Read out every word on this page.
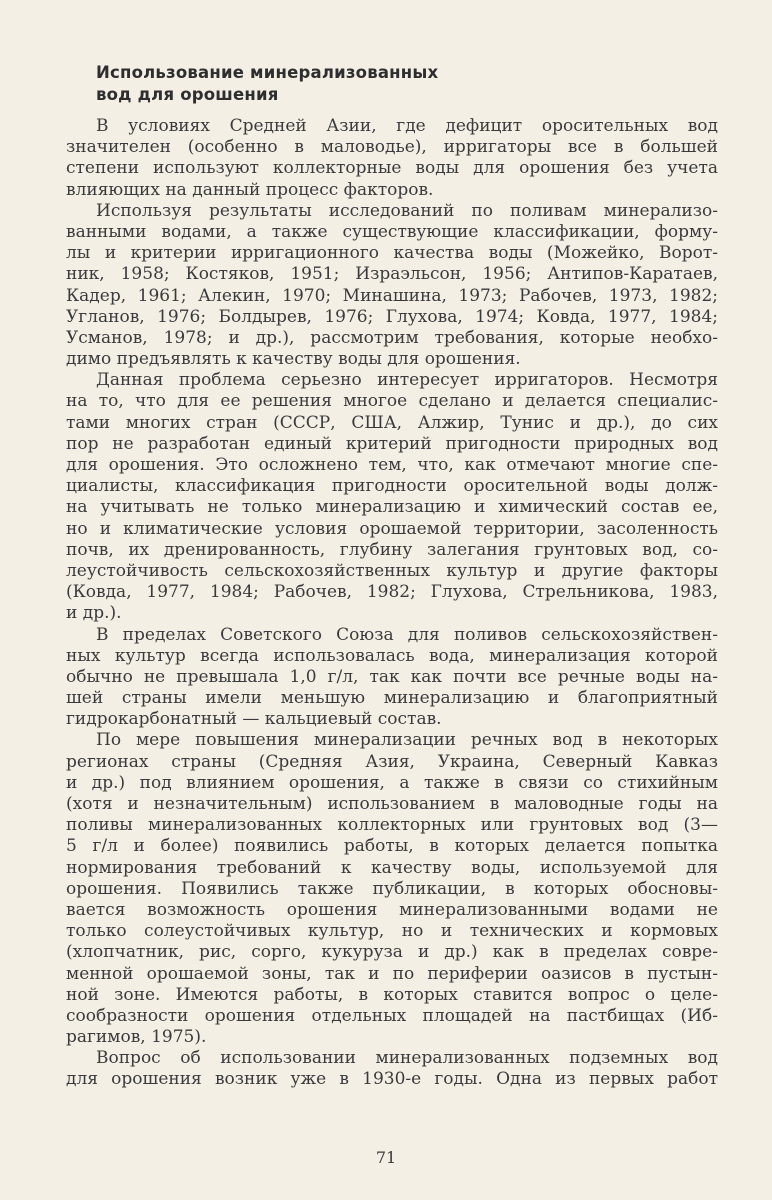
Использование минерализованных
вод для орошения
В условиях Средней Азии, где дефицит оросительных вод
значителен (особенно в маловодье), ирригаторы все в большей
степени используют коллекторные воды для орошения без учета
влияющих на данный процесс факторов.
Используя результаты исследований по поливам минерализо-
ванными водами, а также существующие классификации, форму-
лы и критерии ирригационного качества воды (Можейко, Ворот-
ник, 1958; Костяков, 1951; Израэльсон, 1956; Антипов-Каратаев,
Кадер, 1961; Алекин, 1970; Минашина, 1973; Рабочев, 1973, 1982;
Угланов, 1976; Болдырев, 1976; Глухова, 1974; Ковда, 1977, 1984;
Усманов, 1978; и др.), рассмотрим требования, которые необхо-
димо предъявлять к качеству воды для орошения.
Данная проблема серьезно интересует ирригаторов. Несмотря
на то, что для ее решения многое сделано и делается специалис-
тами многих стран (СССР, США, Алжир, Тунис и др.), до сих
пор не разработан единый критерий пригодности природных вод
для орошения. Это осложнено тем, что, как отмечают многие спе-
циалисты, классификация пригодности оросительной воды долж-
на учитывать не только минерализацию и химический состав ее,
но и климатические условия орошаемой территории, засоленность
почв, их дренированность, глубину залегания грунтовых вод, со-
леустойчивость сельскохозяйственных культур и другие факторы
(Ковда, 1977, 1984; Рабочев, 1982; Глухова, Стрельникова, 1983,
и др.).
В пределах Советского Союза для поливов сельскохозяйствен-
ных культур всегда использовалась вода, минерализация которой
обычно не превышала 1,0 г/л, так как почти все речные воды на-
шей страны имели меньшую минерализацию и благоприятный
гидрокарбонатный — кальциевый состав.
По мере повышения минерализации речных вод в некоторых
регионах страны (Средняя Азия, Украина, Северный Кавказ
и др.) под влиянием орошения, а также в связи со стихийным
(хотя и незначительным) использованием в маловодные годы на
поливы минерализованных коллекторных или грунтовых вод (3—
5 г/л и более) появились работы, в которых делается попытка
нормирования требований к качеству воды, используемой для
орошения. Появились также публикации, в которых обосновы-
вается возможность орошения минерализованными водами не
только солеустойчивых культур, но и технических и кормовых
(хлопчатник, рис, сорго, кукуруза и др.) как в пределах совре-
менной орошаемой зоны, так и по периферии оазисов в пустын-
ной зоне. Имеются работы, в которых ставится вопрос о целе-
сообразности орошения отдельных площадей на пастбищах (Иб-
рагимов, 1975).
Вопрос об использовании минерализованных подземных вод
для орошения возник уже в 1930-е годы. Одна из первых работ
71
